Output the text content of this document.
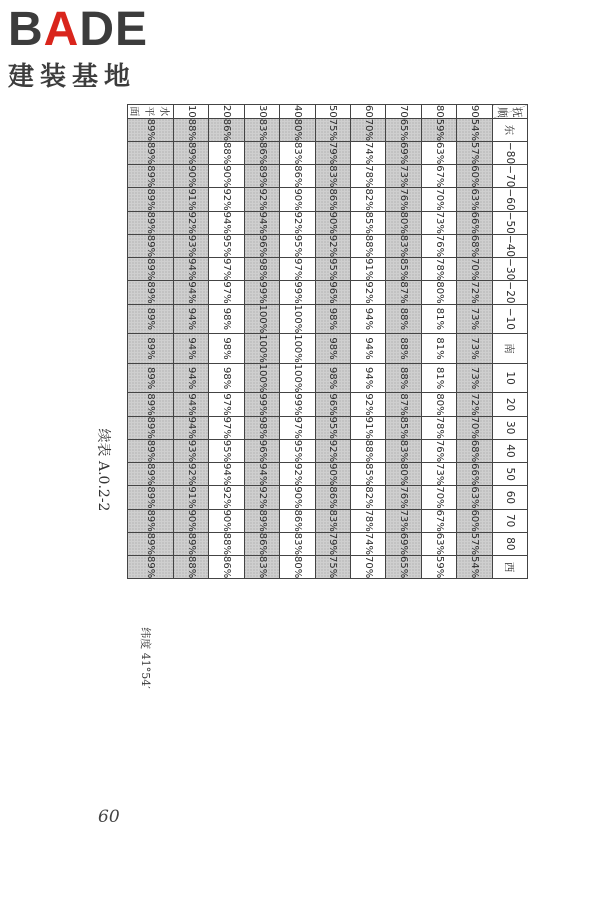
BADE
建装基地
续表 A.0.2-2
纬度 41°54′
抚顺	东	−80	−70	−60	−50	−40	−30	−20	−10	南	10	20	30	40	50	60	70	80	西
90	54%	57%	60%	63%	66%	68%	70%	72%	73%	73%	73%	72%	70%	68%	66%	63%	60%	57%	54%
80	59%	63%	67%	70%	73%	76%	78%	80%	81%	81%	81%	80%	78%	76%	73%	70%	67%	63%	59%
70	65%	69%	73%	76%	80%	83%	85%	87%	88%	88%	88%	87%	85%	83%	80%	76%	73%	69%	65%
60	70%	74%	78%	82%	85%	88%	91%	92%	94%	94%	94%	92%	91%	88%	85%	82%	78%	74%	70%
50	75%	79%	83%	86%	90%	92%	95%	96%	98%	98%	98%	96%	95%	92%	90%	86%	83%	79%	75%
40	80%	83%	86%	90%	92%	95%	97%	99%	100%	100%	100%	99%	97%	95%	92%	90%	86%	83%	80%
30	83%	86%	89%	92%	94%	96%	98%	99%	100%	100%	100%	99%	98%	96%	94%	92%	89%	86%	83%
20	86%	88%	90%	92%	94%	95%	97%	97%	98%	98%	98%	97%	97%	95%	94%	92%	90%	88%	86%
10	88%	89%	90%	91%	92%	93%	94%	94%	94%	94%	94%	94%	94%	93%	92%	91%	90%	89%	88%
水平面	89%	89%	89%	89%	89%	89%	89%	89%	89%	89%	89%	89%	89%	89%	89%	89%	89%	89%	89%
60
